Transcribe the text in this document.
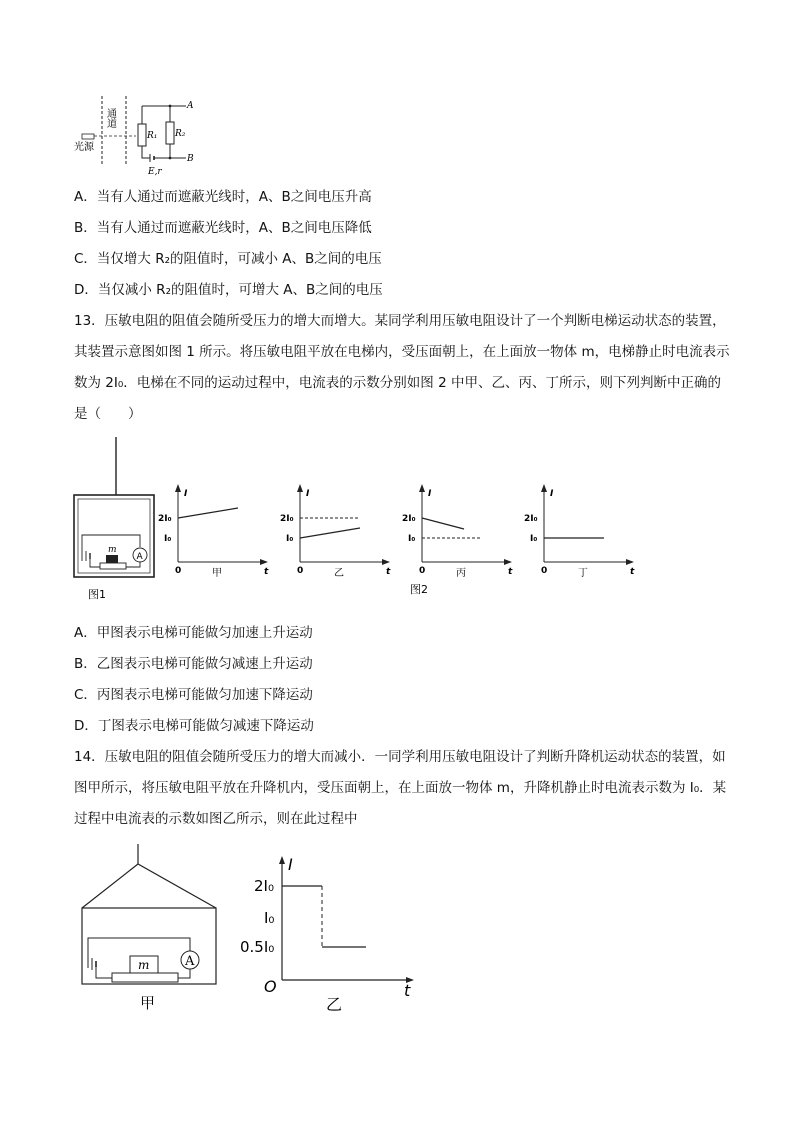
通道
光源
R₁ R₂
A
B
E,r
A．当有人通过而遮蔽光线时，A、B之间电压升高
B．当有人通过而遮蔽光线时，A、B之间电压降低
C．当仅增大 R₂的阻值时，可减小 A、B之间的电压
D．当仅减小 R₂的阻值时，可增大 A、B之间的电压
13．压敏电阻的阻值会随所受压力的增大而增大。某同学利用压敏电阻设计了一个判断电梯运动状态的装置，其装置示意图如图 1 所示。将压敏电阻平放在电梯内，受压面朝上，在上面放一物体 m，电梯静止时电流表示数为 2I₀．电梯在不同的运动过程中，电流表的示数分别如图 2 中甲、乙、丙、丁所示，则下列判断中正确的是（　　）
A
m
图1
I
t
0
2I₀
I₀
甲
I
t
0
2I₀
I₀
乙
I
t
0
2I₀
I₀
丙
I
t
0
2I₀
I₀
丁
图2
A．甲图表示电梯可能做匀加速上升运动
B．乙图表示电梯可能做匀减速上升运动
C．丙图表示电梯可能做匀加速下降运动
D．丁图表示电梯可能做匀减速下降运动
14．压敏电阻的阻值会随所受压力的增大而减小．一同学利用压敏电阻设计了判断升降机运动状态的装置，如图甲所示，将压敏电阻平放在升降机内，受压面朝上，在上面放一物体 m，升降机静止时电流表示数为 I₀．某过程中电流表的示数如图乙所示，则在此过程中
A
m
甲
I
t
O
2I₀
I₀
0.5I₀
乙
